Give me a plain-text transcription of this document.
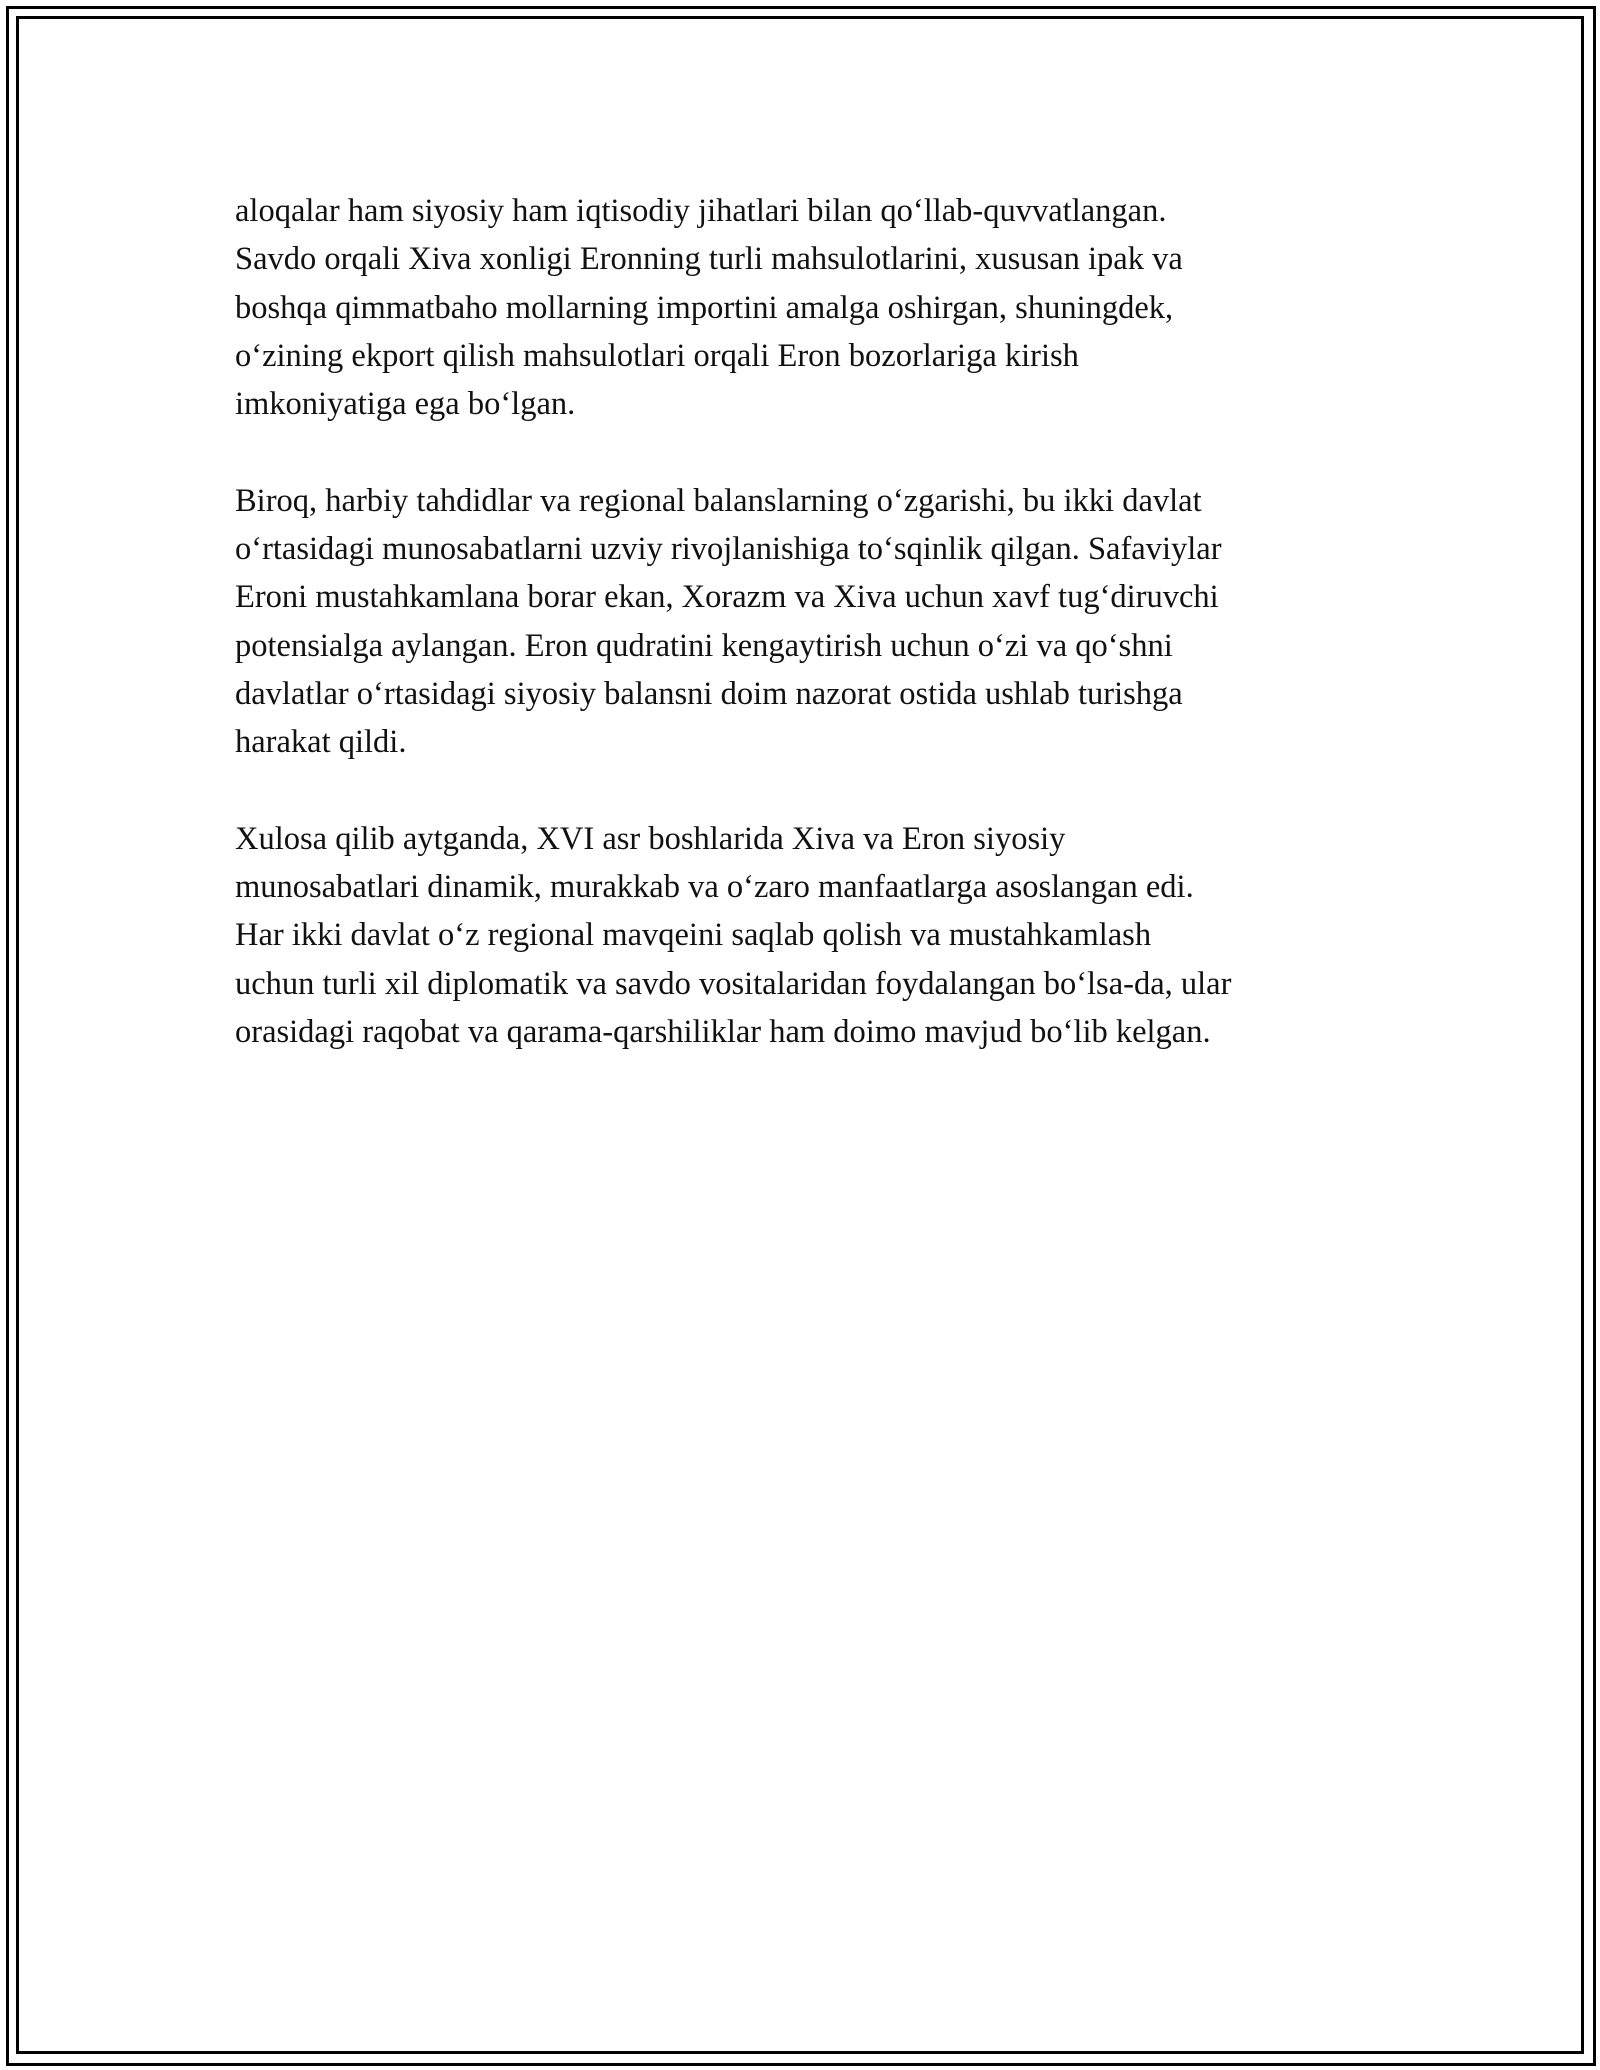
aloqalar ham siyosiy ham iqtisodiy jihatlari bilan qo‘llab-quvvatlangan.
Savdo orqali Xiva xonligi Eronning turli mahsulotlarini, xususan ipak va
boshqa qimmatbaho mollarning importini amalga oshirgan, shuningdek,
o‘zining ekport qilish mahsulotlari orqali Eron bozorlariga kirish
imkoniyatiga ega bo‘lgan.

Biroq, harbiy tahdidlar va regional balanslarning o‘zgarishi, bu ikki davlat
o‘rtasidagi munosabatlarni uzviy rivojlanishiga to‘sqinlik qilgan. Safaviylar
Eroni mustahkamlana borar ekan, Xorazm va Xiva uchun xavf tug‘diruvchi
potensialga aylangan. Eron qudratini kengaytirish uchun o‘zi va qo‘shni
davlatlar o‘rtasidagi siyosiy balansni doim nazorat ostida ushlab turishga
harakat qildi.

Xulosa qilib aytganda, XVI asr boshlarida Xiva va Eron siyosiy
munosabatlari dinamik, murakkab va o‘zaro manfaatlarga asoslangan edi.
Har ikki davlat o‘z regional mavqeini saqlab qolish va mustahkamlash
uchun turli xil diplomatik va savdo vositalaridan foydalangan bo‘lsa-da, ular
orasidagi raqobat va qarama-qarshiliklar ham doimo mavjud bo‘lib kelgan.
